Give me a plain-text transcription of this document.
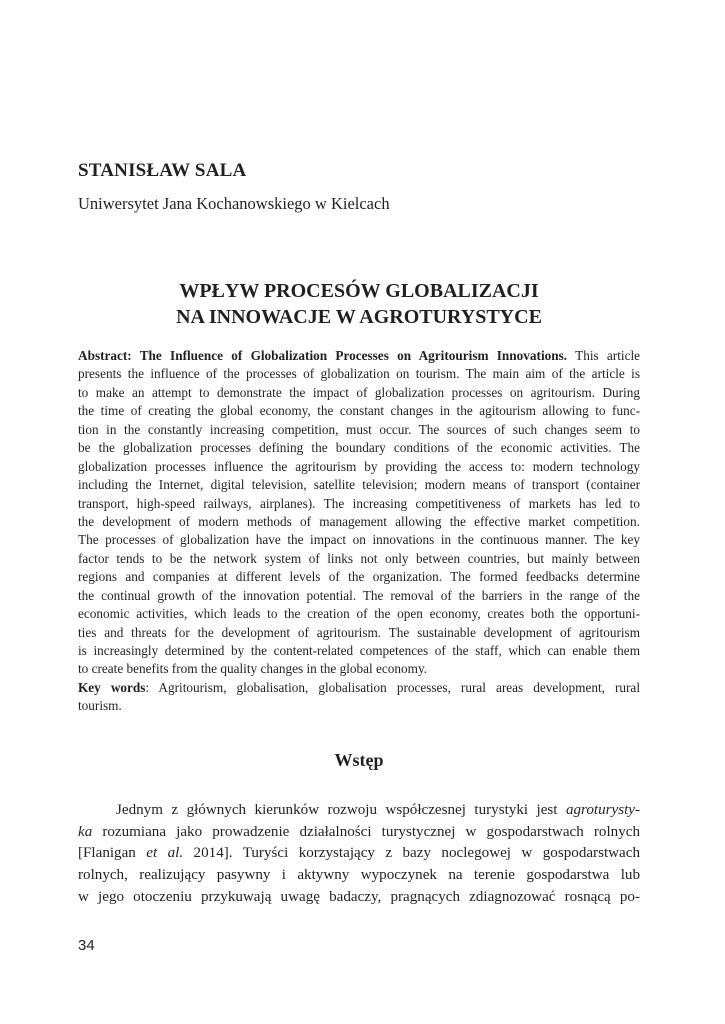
STANISŁAW SALA
Uniwersytet Jana Kochanowskiego w Kielcach
WPŁYW PROCESÓW GLOBALIZACJI
NA INNOWACJE W AGROTURYSTYCE
Abstract: The Influence of Globalization Processes on Agritourism Innovations. This article
presents the influence of the processes of globalization on tourism. The main aim of the article is
to make an attempt to demonstrate the impact of globalization processes on agritourism. During
the time of creating the global economy, the constant changes in the agitourism allowing to func-
tion in the constantly increasing competition, must occur. The sources of such changes seem to
be the globalization processes defining the boundary conditions of the economic activities. The
globalization processes influence the agritourism by providing the access to: modern technology
including the Internet, digital television, satellite television; modern means of transport (container
transport, high-speed railways, airplanes). The increasing competitiveness of markets has led to
the development of modern methods of management allowing the effective market competition.
The processes of globalization have the impact on innovations in the continuous manner. The key
factor tends to be the network system of links not only between countries, but mainly between
regions and companies at different levels of the organization. The formed feedbacks determine
the continual growth of the innovation potential. The removal of the barriers in the range of the
economic activities, which leads to the creation of the open economy, creates both the opportuni-
ties and threats for the development of agritourism. The sustainable development of agritourism
is increasingly determined by the content-related competences of the staff, which can enable them
to create benefits from the quality changes in the global economy.
Key words: Agritourism, globalisation, globalisation processes, rural areas development, rural
tourism.
Wstęp
Jednym z głównych kierunków rozwoju współczesnej turystyki jest agroturysty-
ka rozumiana jako prowadzenie działalności turystycznej w gospodarstwach rolnych
[Flanigan et al. 2014]. Turyści korzystający z bazy noclegowej w gospodarstwach
rolnych, realizujący pasywny i aktywny wypoczynek na terenie gospodarstwa lub
w jego otoczeniu przykuwają uwagę badaczy, pragnących zdiagnozować rosnącą po-
34
